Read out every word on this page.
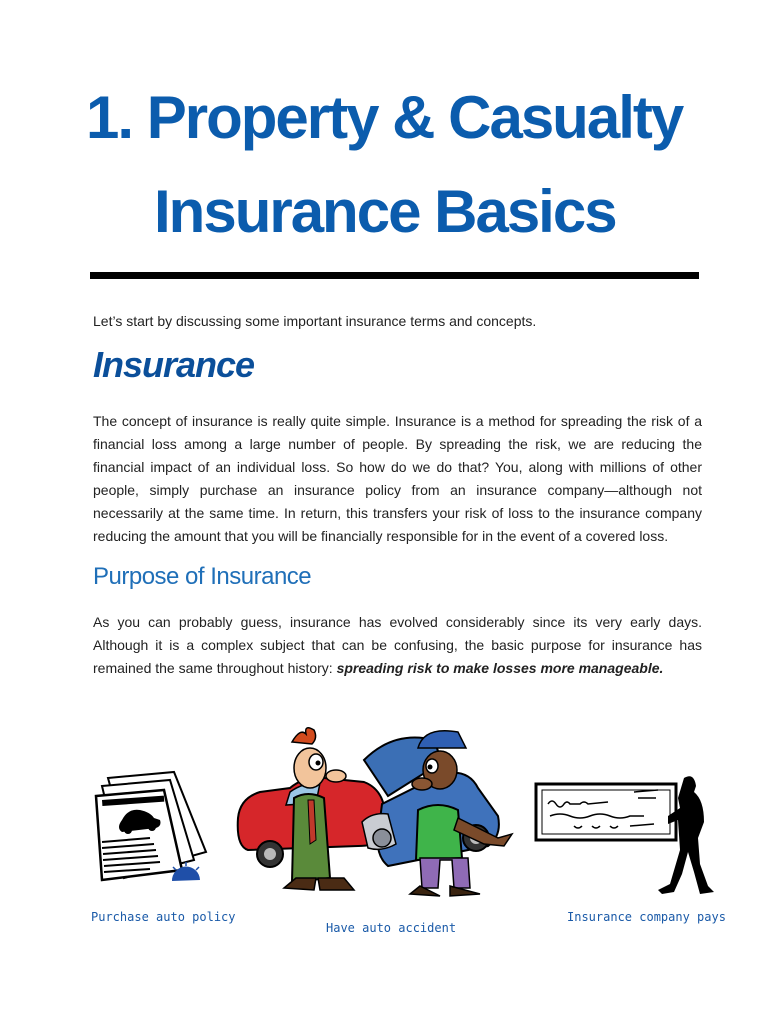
1. Property & Casualty
Insurance Basics
Let’s start by discussing some important insurance terms and concepts.
Insurance
The concept of insurance is really quite simple. Insurance is a method for spreading the risk of a financial loss among a large number of people. By spreading the risk, we are reducing the financial impact of an individual loss. So how do we do that? You, along with millions of other people, simply purchase an insurance policy from an insurance company—although not necessarily at the same time. In return, this transfers your risk of loss to the insurance company reducing the amount that you will be financially responsible for in the event of a covered loss.
Purpose of Insurance
As you can probably guess, insurance has evolved considerably since its very early days. Although it is a complex subject that can be confusing, the basic purpose for insurance has remained the same throughout history: spreading risk to make losses more manageable.
Purchase auto policy
Have auto accident
Insurance company pays
